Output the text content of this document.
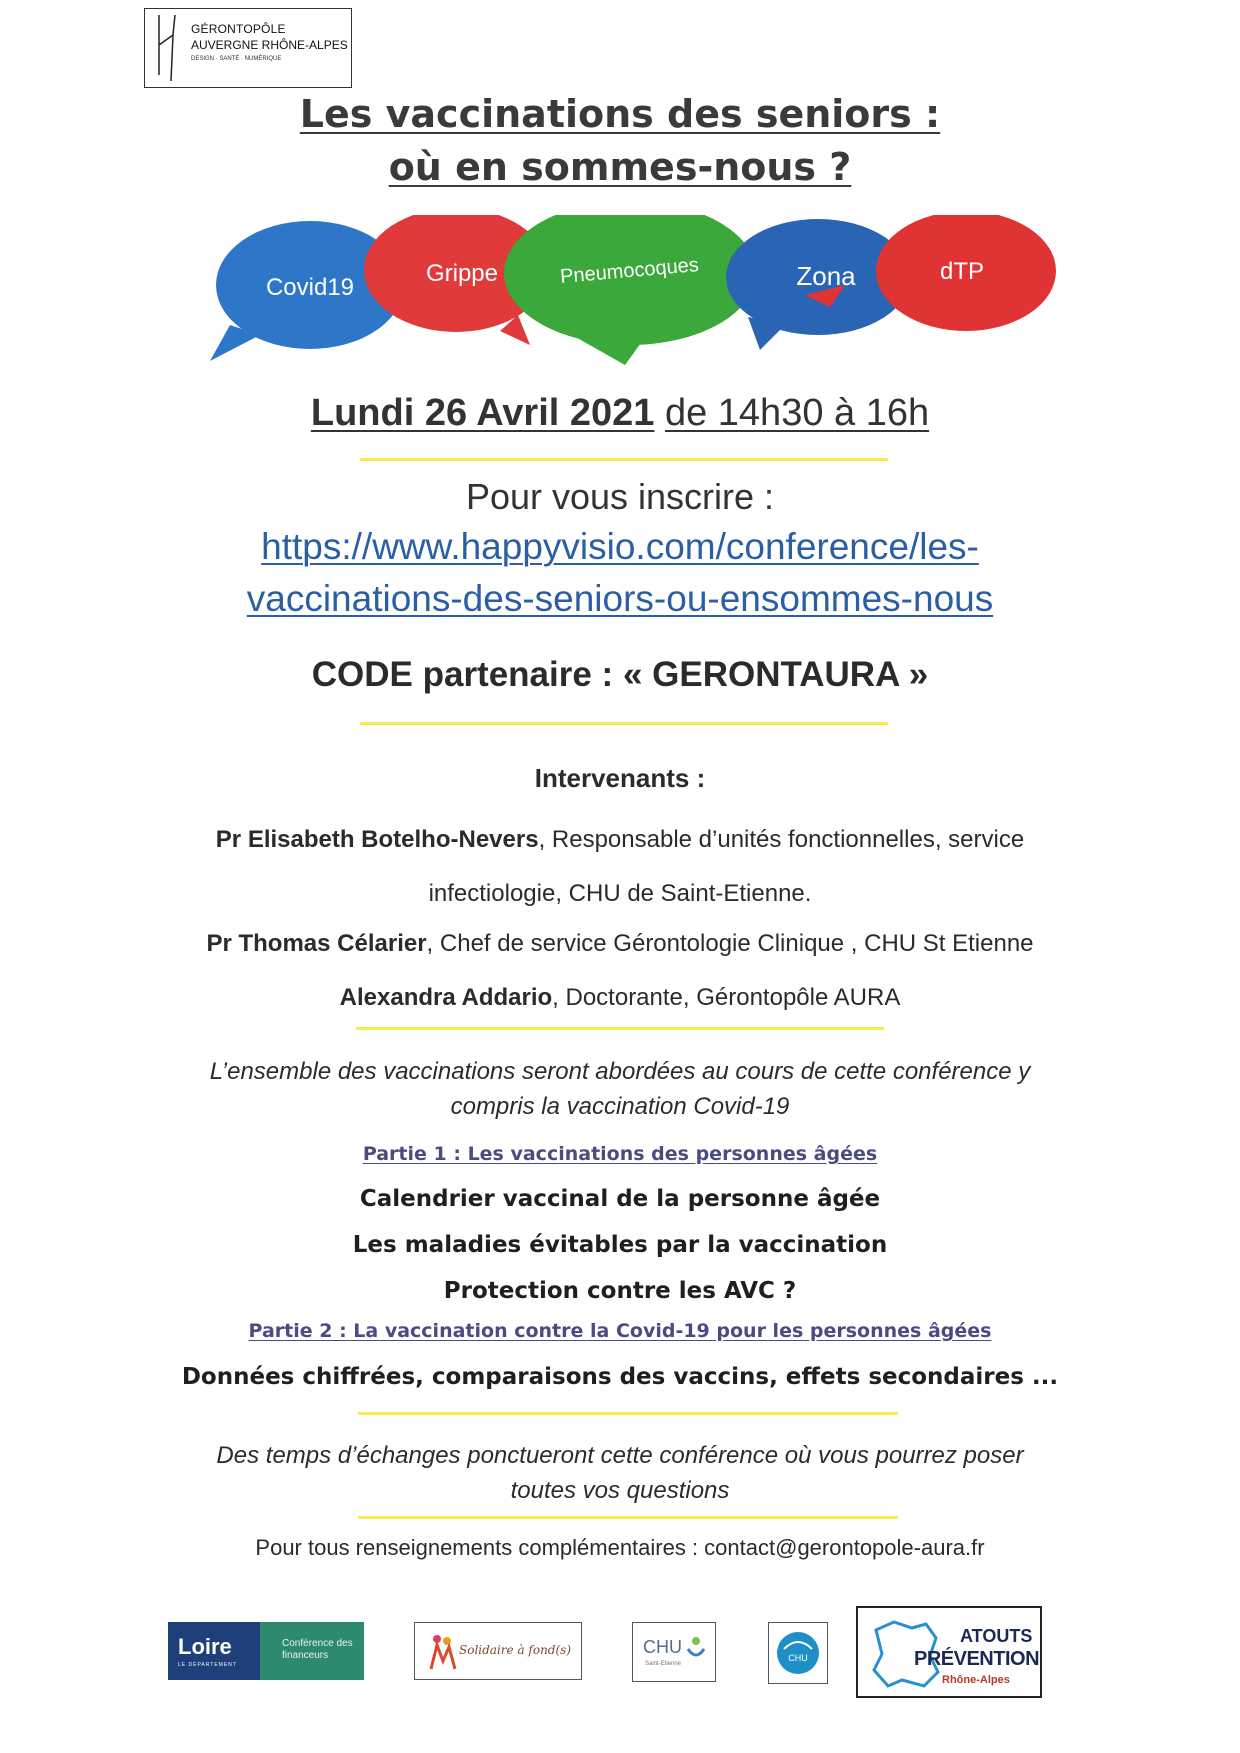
GÉRONTOPÔLE
AUVERGNE RHÔNE-ALPES
DESIGN · SANTÉ · NUMÉRIQUE
Les vaccinations des seniors :
où en sommes-nous ?
Covid19
Grippe	Pneumocoques	Zona	dTP
Lundi 26 Avril 2021 de 14h30 à 16h
Pour vous inscrire :
https://www.happyvisio.com/conference/les-
vaccinations-des-seniors-ou-ensommes-nous
CODE partenaire : « GERONTAURA »
Intervenants :
Pr Elisabeth Botelho-Nevers, Responsable d’unités fonctionnelles, service
infectiologie, CHU de Saint-Etienne.
Pr Thomas Célarier, Chef de service Gérontologie Clinique , CHU St Etienne
Alexandra Addario, Doctorante, Gérontopôle AURA
L’ensemble des vaccinations seront abordées au cours de cette conférence y
compris la vaccination Covid-19
Partie 1 : Les vaccinations des personnes âgées
Calendrier vaccinal de la personne âgée
Les maladies évitables par la vaccination
Protection contre les AVC ?
Partie 2 : La vaccination contre la Covid-19 pour les personnes âgées
Données chiffrées, comparaisons des vaccins, effets secondaires ...
Des temps d’échanges ponctueront cette conférence où vous pourrez poser
toutes vos questions
Pour tous renseignements complémentaires : contact@gerontopole-aura.fr
Loire
LE DÉPARTEMENT
Conférence des financeurs	Solidaire à fond(s)	CHU
Saint-Etienne
CHU
ATOUTS
PRÉVENTION
Rhône-Alpes
